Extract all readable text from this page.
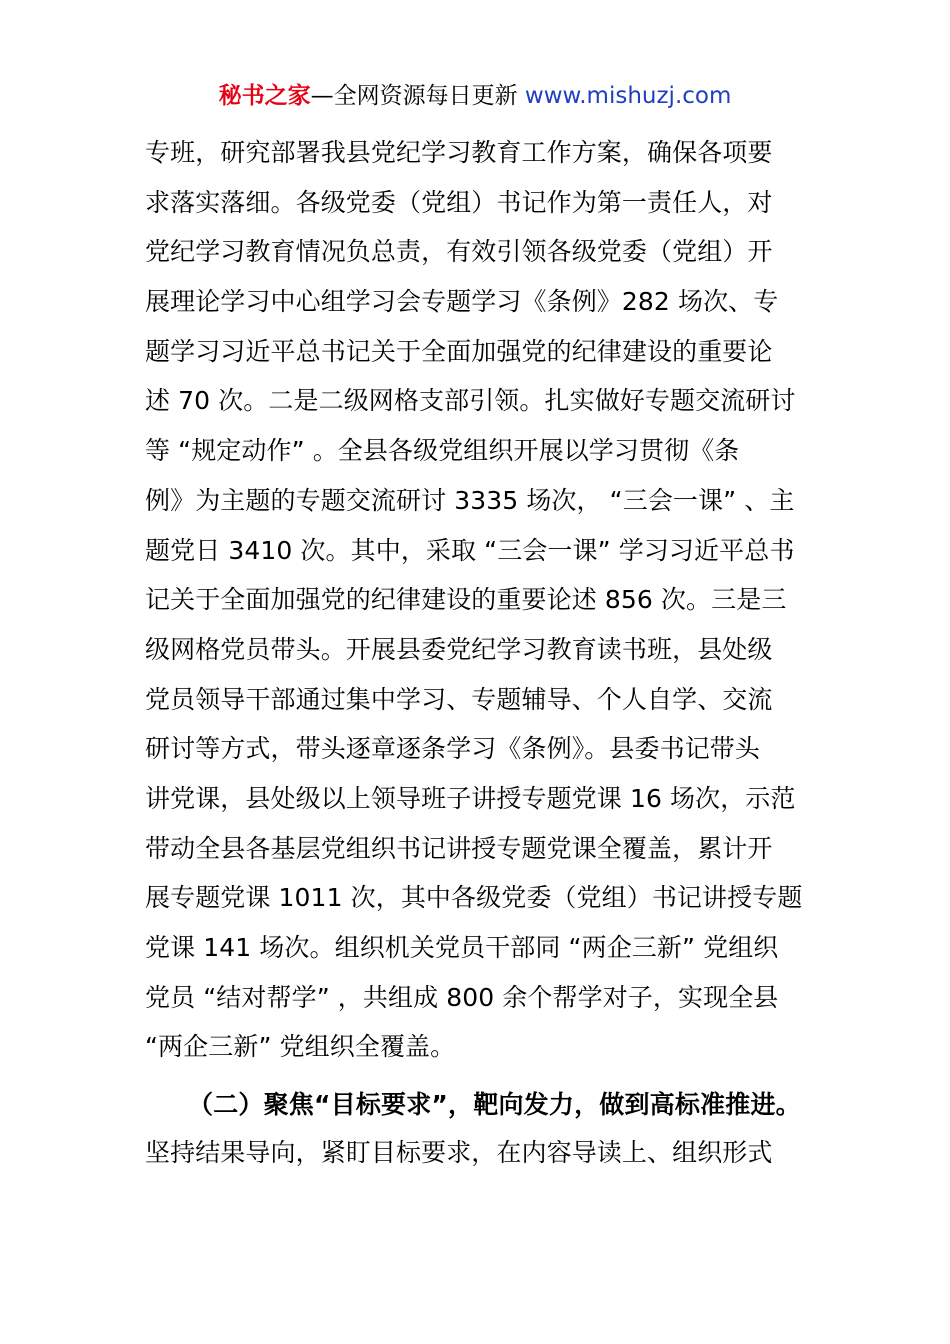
秘书之家—全网资源每日更新 www.mishuzj.com
专班，研究部署我县党纪学习教育工作方案，确保各项要
求落实落细。各级党委（党组）书记作为第一责任人，对
党纪学习教育情况负总责，有效引领各级党委（党组）开
展理论学习中心组学习会专题学习《条例》282 场次、专
题学习习近平总书记关于全面加强党的纪律建设的重要论
述 70 次。二是二级网格支部引领。扎实做好专题交流研讨
等 “规定动作” 。全县各级党组织开展以学习贯彻《条
例》为主题的专题交流研讨 3335 场次， “三会一课” 、主
题党日 3410 次。其中，采取 “三会一课” 学习习近平总书
记关于全面加强党的纪律建设的重要论述 856 次。三是三
级网格党员带头。开展县委党纪学习教育读书班，县处级
党员领导干部通过集中学习、专题辅导、个人自学、交流
研讨等方式，带头逐章逐条学习《条例》。县委书记带头
讲党课，县处级以上领导班子讲授专题党课 16 场次，示范
带动全县各基层党组织书记讲授专题党课全覆盖，累计开
展专题党课 1011 次，其中各级党委（党组）书记讲授专题
党课 141 场次。组织机关党员干部同 “两企三新” 党组织
党员 “结对帮学” ，共组成 800 余个帮学对子，实现全县
“两企三新” 党组织全覆盖。
（二）聚焦“目标要求”，靶向发力，做到高标准推进。
坚持结果导向，紧盯目标要求，在内容导读上、组织形式
